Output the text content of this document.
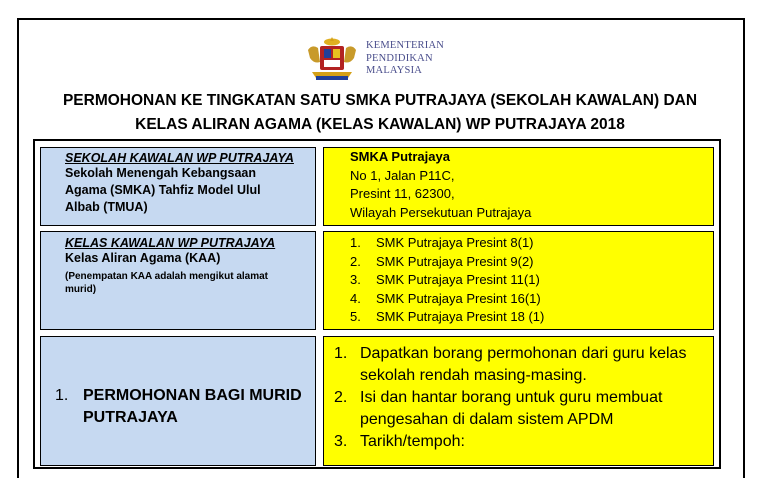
KEMENTERIAN
PENDIDIKAN
MALAYSIA
PERMOHONAN KE TINGKATAN SATU SMKA PUTRAJAYA (SEKOLAH KAWALAN) DAN
KELAS ALIRAN AGAMA (KELAS KAWALAN) WP PUTRAJAYA 2018
SEKOLAH KAWALAN WP PUTRAJAYA
Sekolah Menengah Kebangsaan
Agama (SMKA) Tahfiz Model Ulul
Albab (TMUA)
SMKA Putrajaya
No 1, Jalan P11C,
Presint 11, 62300,
Wilayah Persekutuan Putrajaya
KELAS KAWALAN WP PUTRAJAYA
Kelas Aliran Agama (KAA)
(Penempatan KAA adalah mengikut alamat
murid)
1. SMK Putrajaya Presint 8(1)
2. SMK Putrajaya Presint 9(2)
3. SMK Putrajaya Presint 11(1)
4. SMK Putrajaya Presint 16(1)
5. SMK Putrajaya Presint 18 (1)
1. PERMOHONAN BAGI MURID
PUTRAJAYA
1. Dapatkan borang permohonan dari guru kelas
sekolah rendah masing-masing.
2. Isi dan hantar borang untuk guru membuat
pengesahan di dalam sistem APDM
3. Tarikh/tempoh:
